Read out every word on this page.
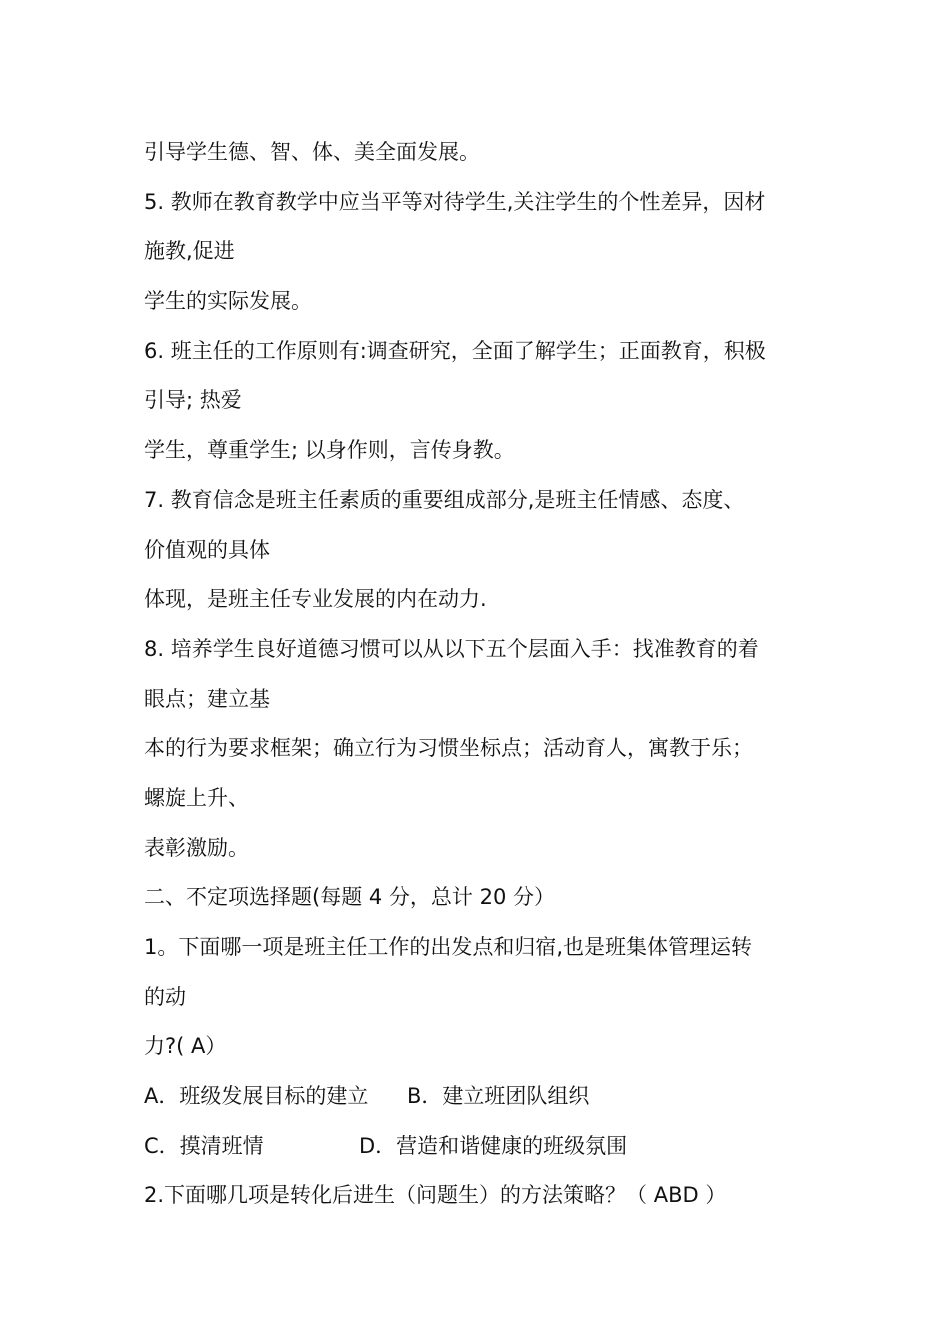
引导学生德、智、体、美全面发展。
5. 教师在教育教学中应当平等对待学生,关注学生的个性差异，因材
施教,促进
学生的实际发展。
6. 班主任的工作原则有:调查研究，全面了解学生；正面教育，积极
引导; 热爱
学生，尊重学生; 以身作则，言传身教。
7. 教育信念是班主任素质的重要组成部分,是班主任情感、态度、
价值观的具体
体现，是班主任专业发展的内在动力.
8. 培养学生良好道德习惯可以从以下五个层面入手：找准教育的着
眼点；建立基
本的行为要求框架；确立行为习惯坐标点；活动育人，寓教于乐；
螺旋上升、
表彰激励。
二、不定项选择题(每题 4 分，总计 20 分）
1。下面哪一项是班主任工作的出发点和归宿,也是班集体管理运转
的动
力?( A）
A．班级发展目标的建立 B．建立班团队组织
C．摸清班情	D．营造和谐健康的班级氛围
2.下面哪几项是转化后进生（问题生）的方法策略？（ ABD ）
